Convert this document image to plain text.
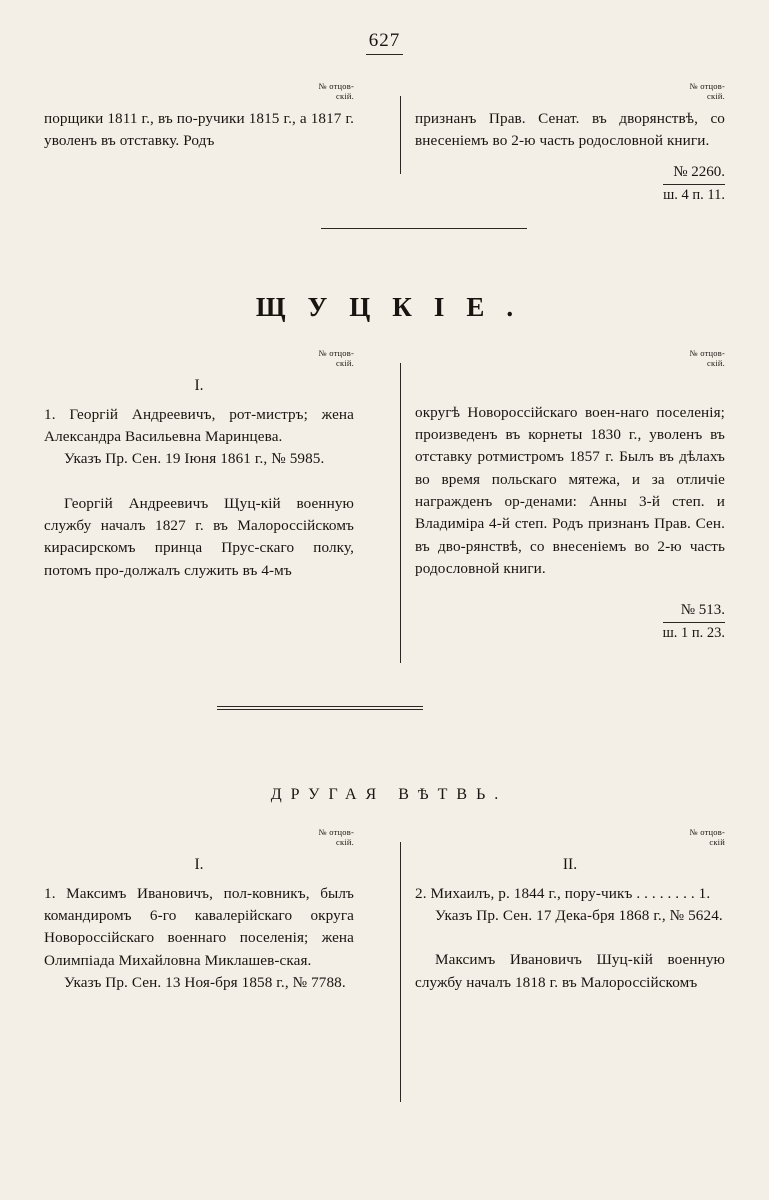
627
№ отцов-
скій.

порщики 1811 г., въ по-ручики 1815 г., а 1817 г. уволенъ въ отставку. Родъ

№ отцов-
скій.

признанъ Прав. Сенат. въ дворянствѣ, со внесеніемъ во 2-ю часть родословной книги.

№ 2260.
ш. 4 п. 11.
ЩУЦКІЕ.
№ отцов-
скій.
I.

1. Георгій Андреевичъ, рот-мистръ; жена Александра Васильевна Маринцева.

Указъ Пр. Сен. 19 Іюня 1861 г., № 5985.

Георгій Андреевичъ Щуц-кій военную службу началъ 1827 г. въ Малороссійскомъ кирасирскомъ принца Прус-скаго полку, потомъ про-должалъ служить въ 4-мъ

№ отцов-
скій.

округѣ Новороссійскаго воен-наго поселенія; произведенъ въ корнеты 1830 г., уволенъ въ отставку ротмистромъ 1857 г. Былъ въ дѣлахъ во время польскаго мятежа, и за отличіе награжденъ ор-денами: Анны 3-й степ. и Владиміра 4-й степ. Родъ признанъ Прав. Сен. въ дво-рянствѣ, со внесеніемъ во 2-ю часть родословной книги.

№ 513.
ш. 1 п. 23.
ДРУГАЯ ВѢТВЬ.
№ отцов-
скій.
I.

1. Максимъ Ивановичъ, пол-ковникъ, былъ командиромъ 6-го кавалерійскаго округа Новороссійскаго военнаго поселенія; жена Олимпіада Михайловна Миклашев-ская.

Указъ Пр. Сен. 13 Ноя-бря 1858 г., № 7788.

№ отцов-
скій
II.

2. Михаилъ, р. 1844 г., пору-чикъ . . . . . . . . 1.

Указъ Пр. Сен. 17 Дека-бря 1868 г., № 5624.

Максимъ Ивановичъ Шуц-кій военную службу началъ 1818 г. въ Малороссійскомъ
